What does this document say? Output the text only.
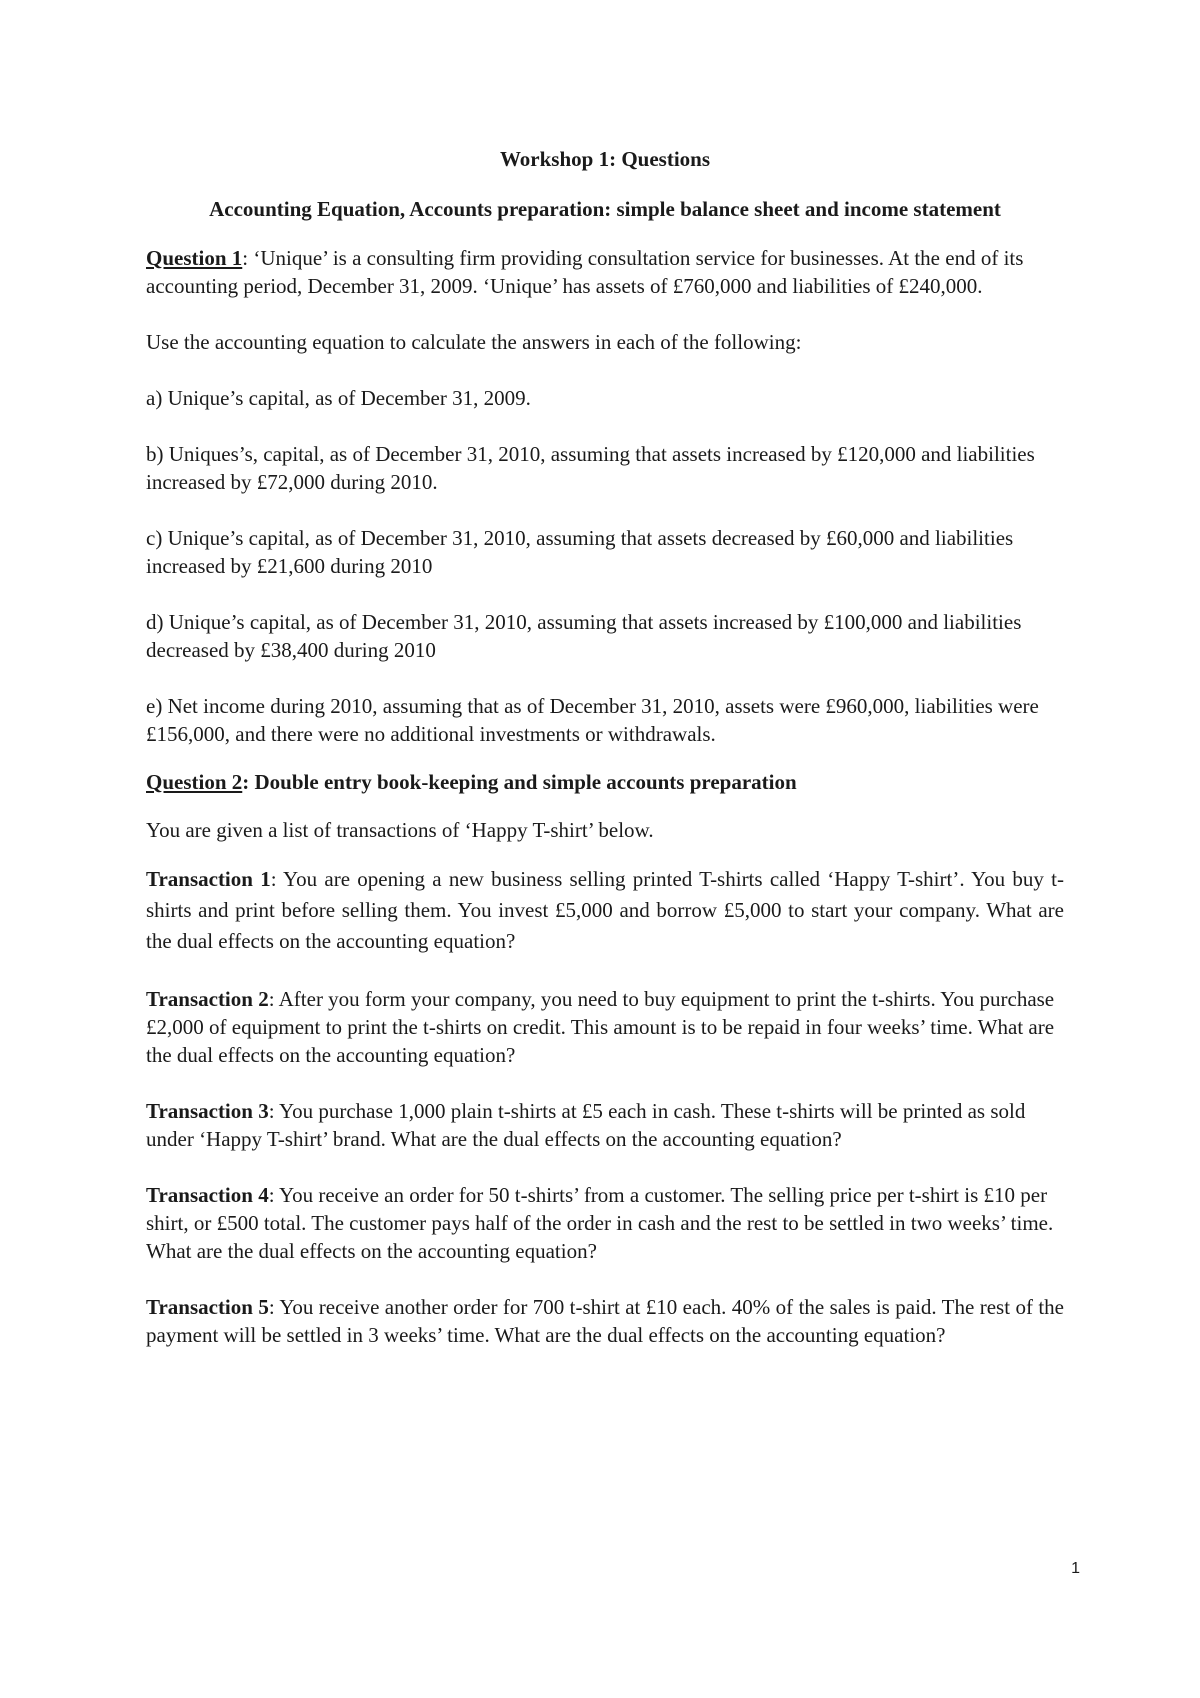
Workshop 1: Questions
Accounting Equation, Accounts preparation: simple balance sheet and income statement

Question 1: ‘Unique’ is a consulting firm providing consultation service for businesses. At the end of its accounting period, December 31, 2009. ‘Unique’ has assets of £760,000 and liabilities of £240,000.

Use the accounting equation to calculate the answers in each of the following:

a) Unique’s capital, as of December 31, 2009.

b) Uniques’s, capital, as of December 31, 2010, assuming that assets increased by £120,000 and liabilities increased by £72,000 during 2010.

c) Unique’s capital, as of December 31, 2010, assuming that assets decreased by £60,000 and liabilities increased by £21,600 during 2010

d) Unique’s capital, as of December 31, 2010, assuming that assets increased by £100,000 and liabilities decreased by £38,400 during 2010

e) Net income during 2010, assuming that as of December 31, 2010, assets were £960,000, liabilities were £156,000, and there were no additional investments or withdrawals.

Question 2: Double entry book-keeping and simple accounts preparation

You are given a list of transactions of ‘Happy T-shirt’ below.

Transaction 1: You are opening a new business selling printed T-shirts called ‘Happy T-shirt’. You buy t-shirts and print before selling them. You invest £5,000 and borrow £5,000 to start your company. What are the dual effects on the accounting equation?

Transaction 2: After you form your company, you need to buy equipment to print the t-shirts. You purchase £2,000 of equipment to print the t-shirts on credit. This amount is to be repaid in four weeks’ time. What are the dual effects on the accounting equation?

Transaction 3: You purchase 1,000 plain t-shirts at £5 each in cash. These t-shirts will be printed as sold under ‘Happy T-shirt’ brand. What are the dual effects on the accounting equation?

Transaction 4: You receive an order for 50 t-shirts’ from a customer. The selling price per t-shirt is £10 per shirt, or £500 total. The customer pays half of the order in cash and the rest to be settled in two weeks’ time. What are the dual effects on the accounting equation?

Transaction 5: You receive another order for 700 t-shirt at £10 each. 40% of the sales is paid. The rest of the payment will be settled in 3 weeks’ time. What are the dual effects on the accounting equation?

1
